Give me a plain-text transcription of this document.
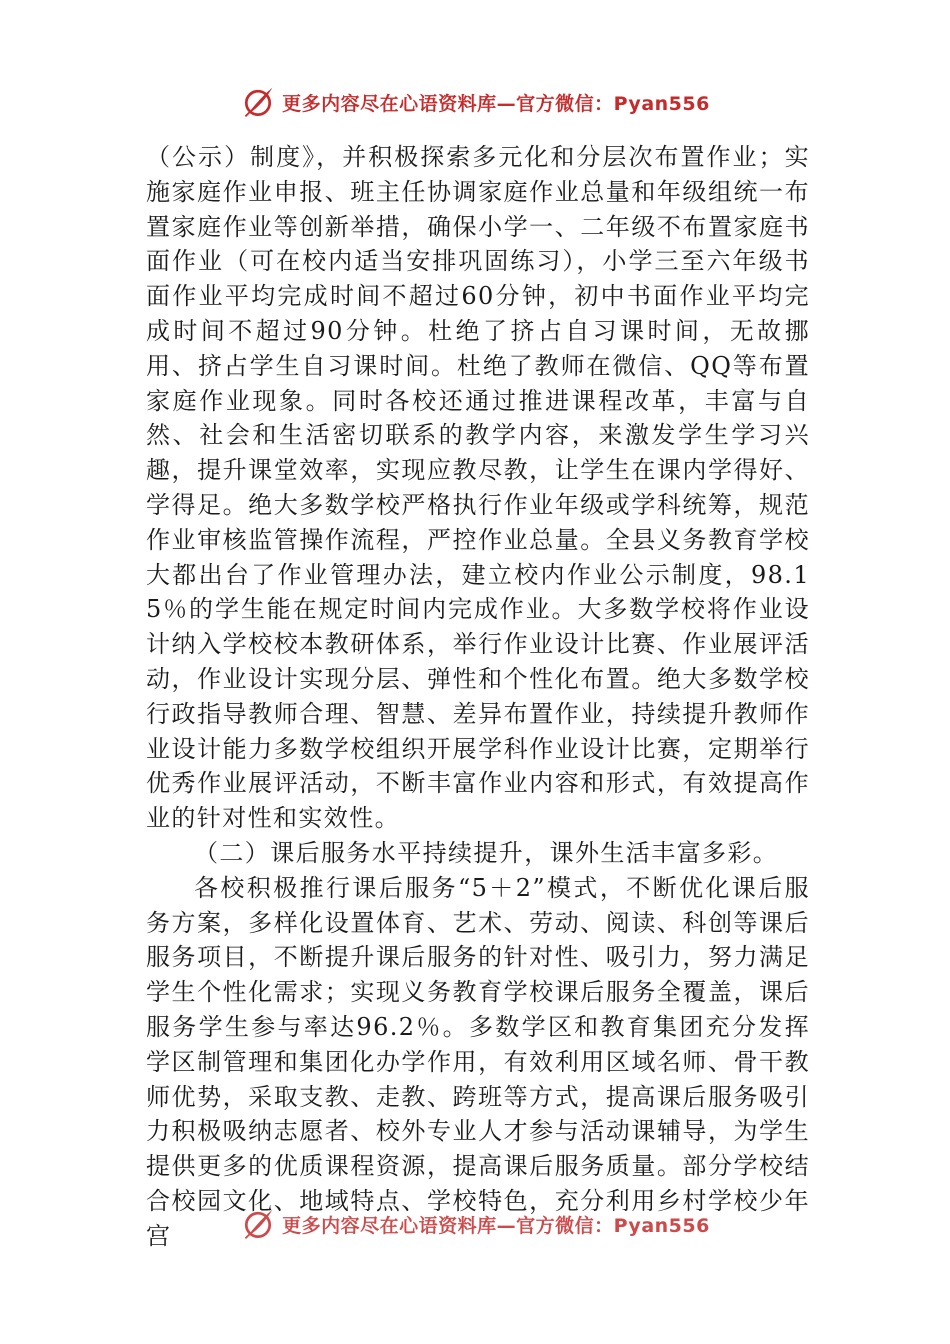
更多内容尽在心语资料库—官方微信：Pyan556

（公示）制度》，并积极探索多元化和分层次布置作业；实施家庭作业申报、班主任协调家庭作业总量和年级组统一布置家庭作业等创新举措，确保小学一、二年级不布置家庭书面作业（可在校内适当安排巩固练习），小学三至六年级书面作业平均完成时间不超过60分钟，初中书面作业平均完成时间不超过90分钟。杜绝了挤占自习课时间，无故挪用、挤占学生自习课时间。杜绝了教师在微信、QQ等布置家庭作业现象。同时各校还通过推进课程改革，丰富与自然、社会和生活密切联系的教学内容，来激发学生学习兴趣，提升课堂效率，实现应教尽教，让学生在课内学得好、学得足。绝大多数学校严格执行作业年级或学科统筹，规范作业审核监管操作流程，严控作业总量。全县义务教育学校大都出台了作业管理办法，建立校内作业公示制度，98.15％的学生能在规定时间内完成作业。大多数学校将作业设计纳入学校校本教研体系，举行作业设计比赛、作业展评活动，作业设计实现分层、弹性和个性化布置。绝大多数学校行政指导教师合理、智慧、差异布置作业，持续提升教师作业设计能力多数学校组织开展学科作业设计比赛，定期举行优秀作业展评活动，不断丰富作业内容和形式，有效提高作业的针对性和实效性。

（二）课后服务水平持续提升，课外生活丰富多彩。

各校积极推行课后服务“5＋2”模式，不断优化课后服务方案，多样化设置体育、艺术、劳动、阅读、科创等课后服务项目，不断提升课后服务的针对性、吸引力，努力满足学生个性化需求；实现义务教育学校课后服务全覆盖，课后服务学生参与率达96.2％。多数学区和教育集团充分发挥学区制管理和集团化办学作用，有效利用区域名师、骨干教师优势，采取支教、走教、跨班等方式，提高课后服务吸引力积极吸纳志愿者、校外专业人才参与活动课辅导，为学生提供更多的优质课程资源，提高课后服务质量。部分学校结合校园文化、地域特点、学校特色，充分利用乡村学校少年宫	更多内容尽在心语资料库—官方微信：Pyan556
